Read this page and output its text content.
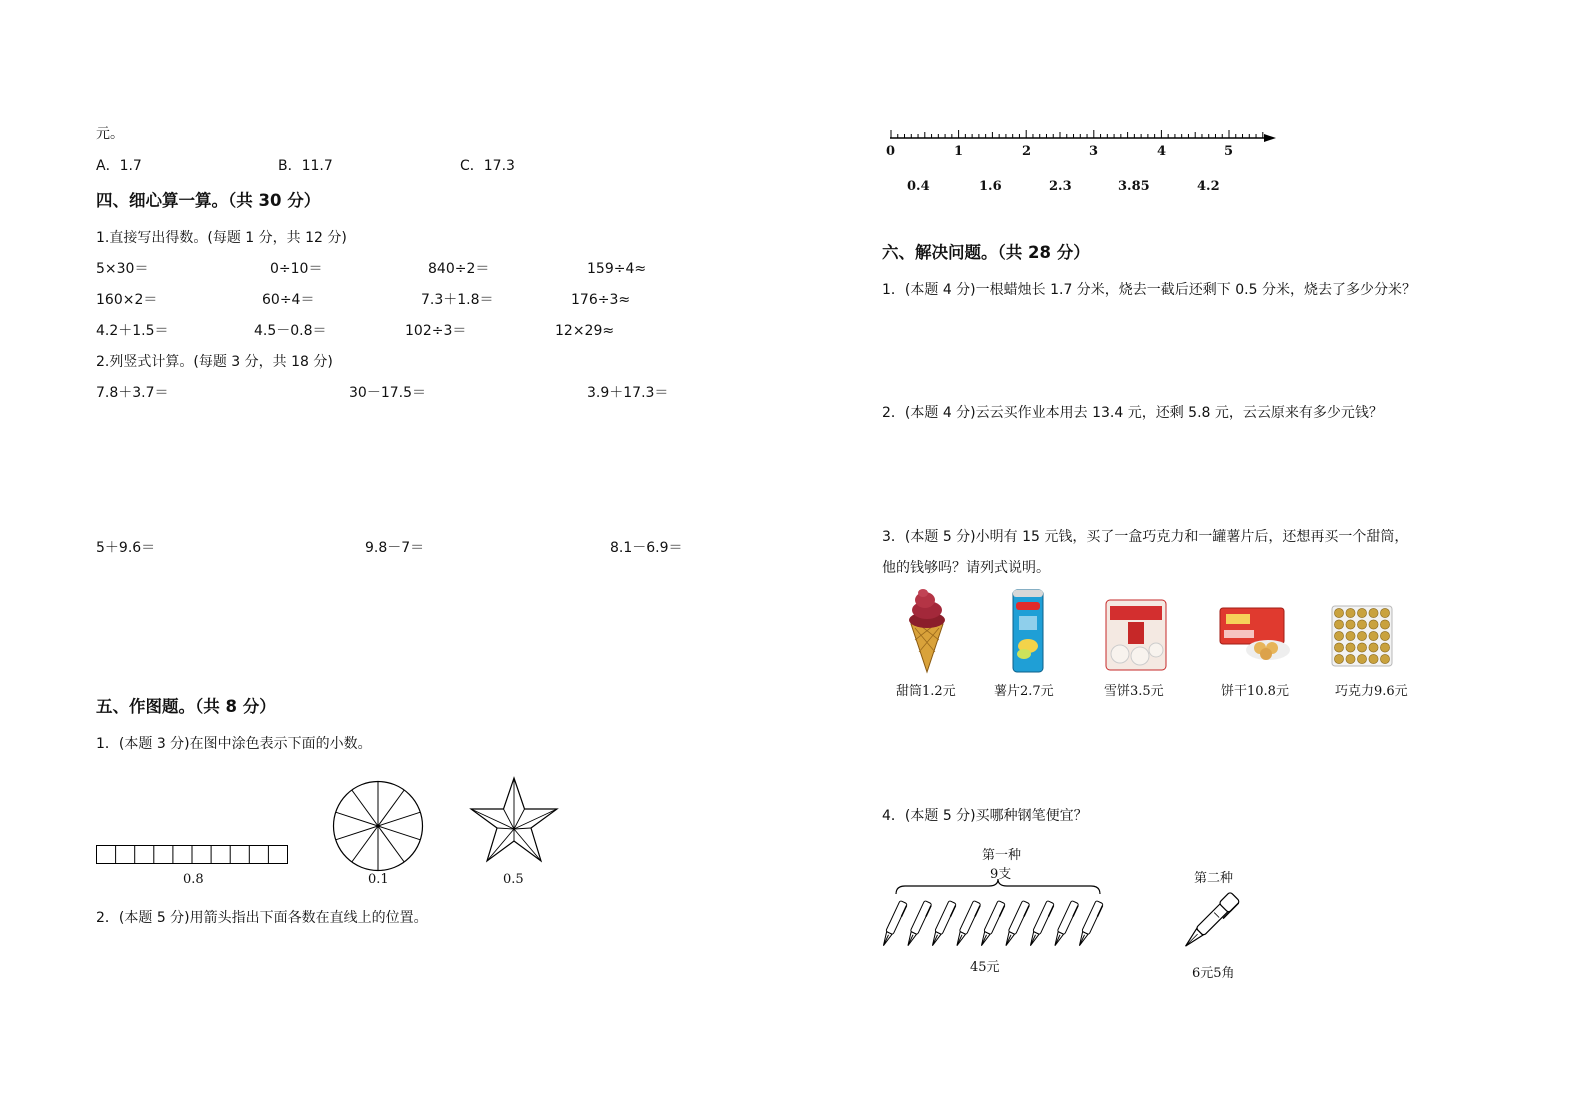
元。
A．1.7	B．11.7	C．17.3
四、细心算一算。（共 30 分）
1.直接写出得数。(每题 1 分，共 12 分)
5×30＝	0÷10＝	840÷2＝	159÷4≈
160×2＝	60÷4＝	7.3＋1.8＝	176÷3≈
4.2＋1.5＝	4.5－0.8＝	102÷3＝	12×29≈
2.列竖式计算。(每题 3 分，共 18 分)
7.8＋3.7＝	30－17.5＝	3.9＋17.3＝
5＋9.6＝	9.8－7＝	8.1－6.9＝
五、作图题。（共 8 分）
1．(本题 3 分)在图中涂色表示下面的小数。
0.8	0.1	0.5
2．(本题 5 分)用箭头指出下面各数在直线上的位置。
0	1	2	3	4	5
0.4	1.6	2.3	3.85	4.2
六、解决问题。（共 28 分）
1．(本题 4 分)一根蜡烛长 1.7 分米，烧去一截后还剩下 0.5 分米，烧去了多少分米？
2．(本题 4 分)云云买作业本用去 13.4 元，还剩 5.8 元，云云原来有多少元钱？
3．(本题 5 分)小明有 15 元钱，买了一盒巧克力和一罐薯片后，还想再买一个甜筒，
他的钱够吗？请列式说明。
甜筒1.2元	薯片2.7元	雪饼3.5元	饼干10.8元	巧克力9.6元
4．(本题 5 分)买哪种钢笔便宜？
第一种
9支
45元
第二种
6元5角
